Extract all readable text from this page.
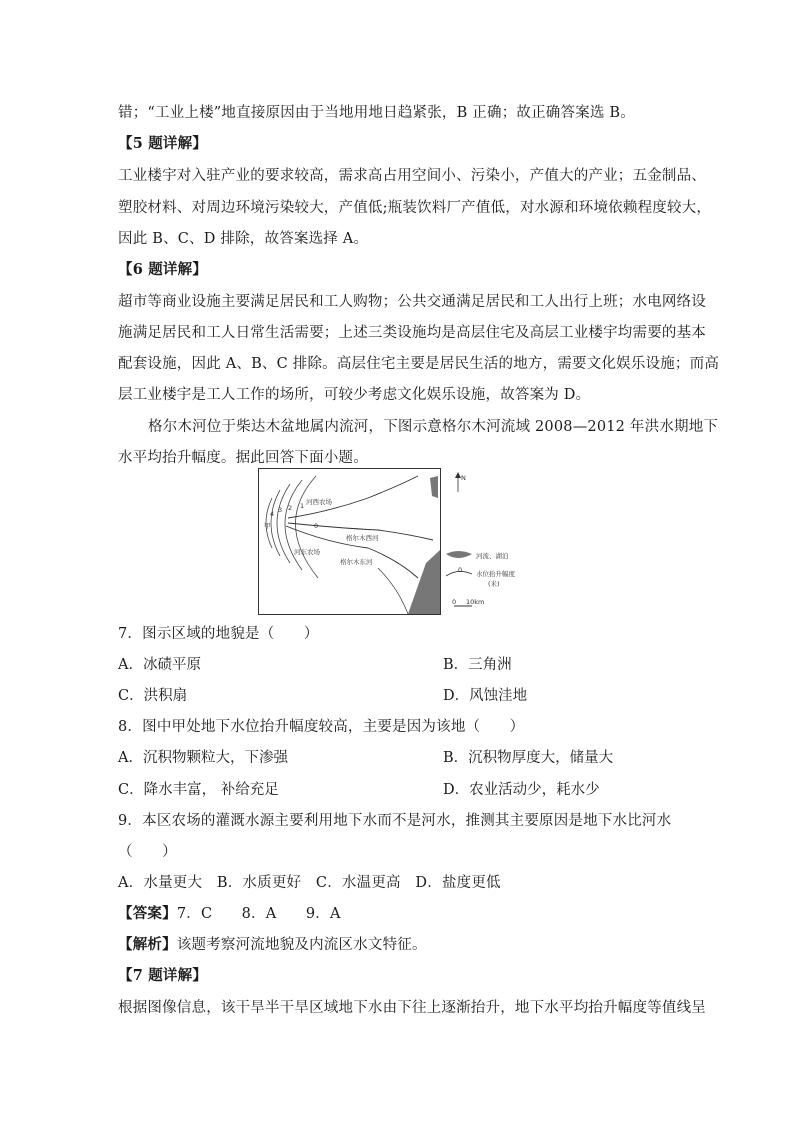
错；“工业上楼”地直接原因由于当地用地日趋紧张，B 正确；故正确答案选 B。
【5 题详解】
工业楼宇对入驻产业的要求较高，需求高占用空间小、污染小，产值大的产业；五金制品、
塑胶材料、对周边环境污染较大，产值低;瓶装饮料厂产值低，对水源和环境依赖程度较大，
因此 B、C、D 排除，故答案选择 A。
【6 题详解】
超市等商业设施主要满足居民和工人购物；公共交通满足居民和工人出行上班；水电网络设
施满足居民和工人日常生活需要；上述三类设施均是高层住宅及高层工业楼宇均需要的基本
配套设施，因此 A、B、C 排除。高层住宅主要是居民生活的地方，需要文化娱乐设施；而高
层工业楼宇是工人工作的场所，可较少考虑文化娱乐设施，故答案为 D。
格尔木河位于柴达木盆地属内流河，下图示意格尔木河流域 2008—2012 年洪水期地下
水平均抬升幅度。据此回答下面小题。
河西农场
河东农场
格尔木西河
格尔木东河
甲
4 3 2 1
0
N
河流、湖泊
0 水位抬升幅度
(米)
0 10km
7．图示区域的地貌是（　　）
A．冰碛平原	B．三角洲
C．洪积扇	D．风蚀洼地
8．图中甲处地下水位抬升幅度较高，主要是因为该地（　　）
A．沉积物颗粒大，下渗强	B．沉积物厚度大，储量大
C．降水丰富， 补给充足	D．农业活动少，耗水少
9．本区农场的灌溉水源主要利用地下水而不是河水，推测其主要原因是地下水比河水
（　　）
A．水量更大　B．水质更好　C．水温更高　D．盐度更低
【答案】7．C　　8．A　　9．A
【解析】该题考察河流地貌及内流区水文特征。
【7 题详解】
根据图像信息，该干旱半干旱区域地下水由下往上逐渐抬升，地下水平均抬升幅度等值线呈
